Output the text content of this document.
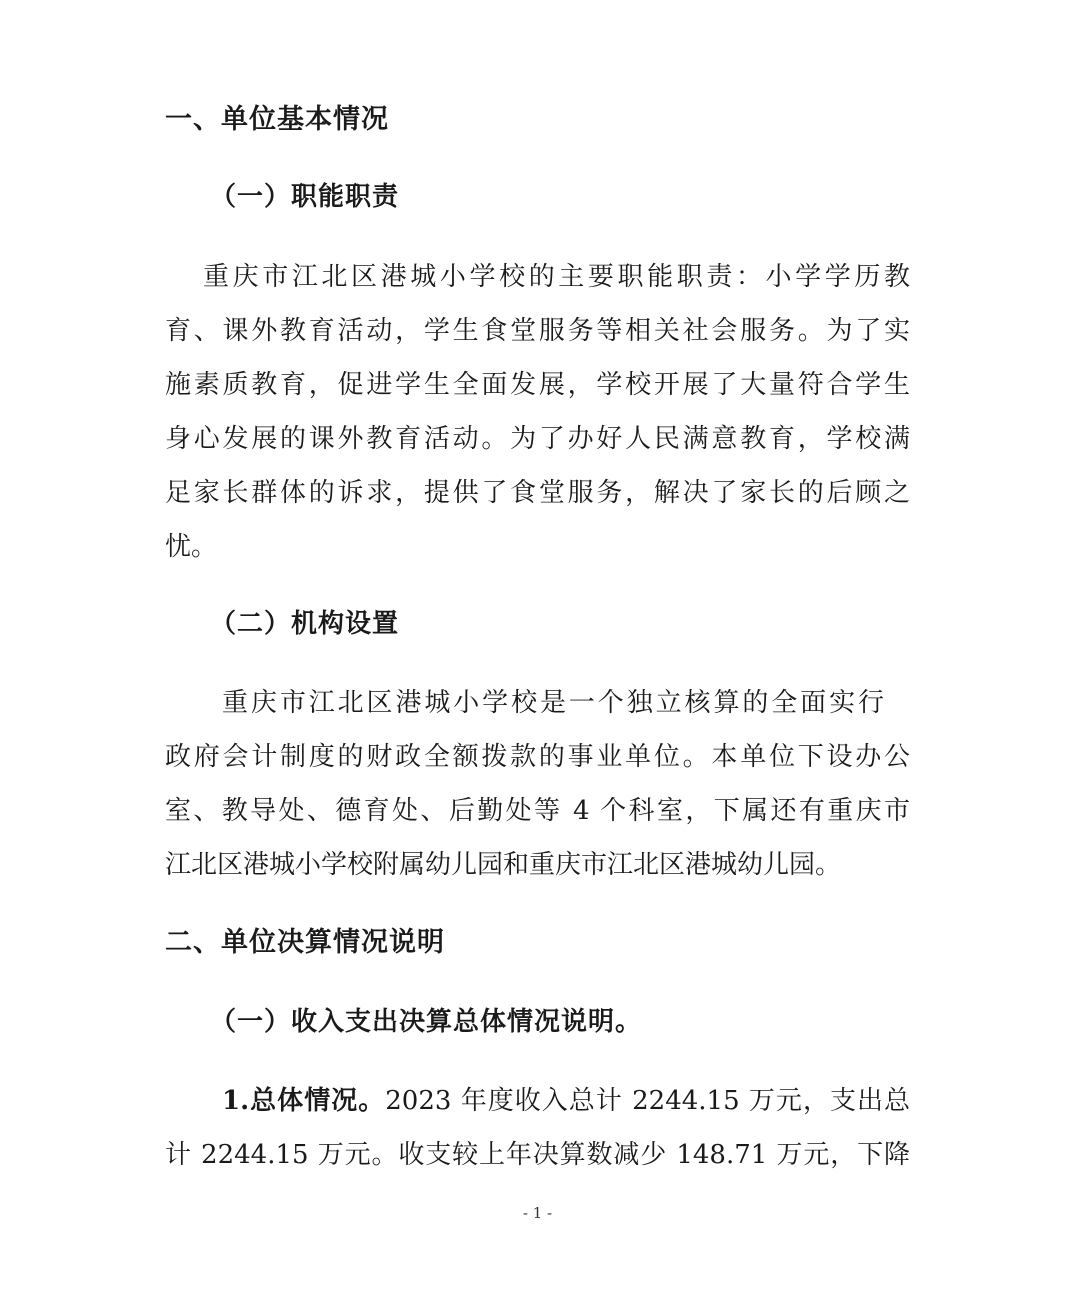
一、单位基本情况
（一）职能职责
重庆市江北区港城小学校的主要职能职责：小学学历教
育、课外教育活动，学生食堂服务等相关社会服务。为了实
施素质教育，促进学生全面发展，学校开展了大量符合学生
身心发展的课外教育活动。为了办好人民满意教育，学校满
足家长群体的诉求，提供了食堂服务，解决了家长的后顾之
忧。
（二）机构设置
重庆市江北区港城小学校是一个独立核算的全面实行
政府会计制度的财政全额拨款的事业单位。本单位下设办公
室、教导处、德育处、后勤处等 4 个科室，下属还有重庆市
江北区港城小学校附属幼儿园和重庆市江北区港城幼儿园。
二、单位决算情况说明
（一）收入支出决算总体情况说明。
1.总体情况。2023 年度收入总计 2244.15 万元，支出总
计 2244.15 万元。收支较上年决算数减少 148.71 万元，下降
- 1 -
